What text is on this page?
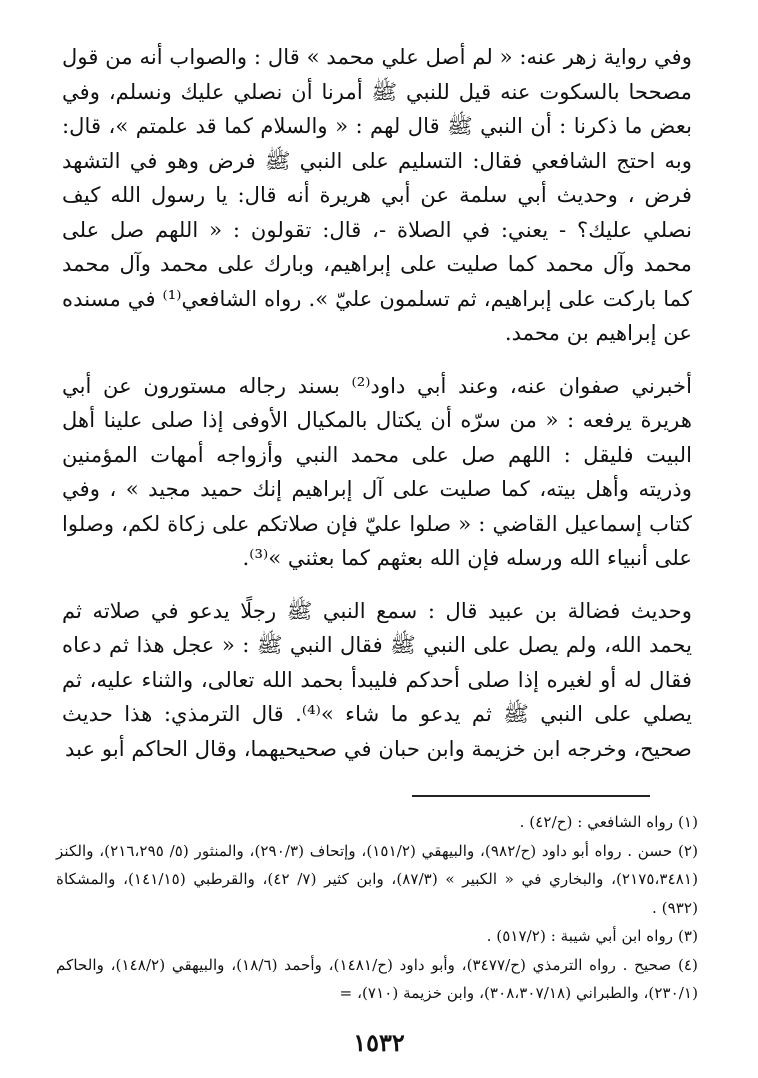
وفي رواية زهر عنه: « لم أصل علي محمد » قال : والصواب أنه من قول مصححا بالسكوت عنه قيل للنبي ﷺ أمرنا أن نصلي عليك ونسلم، وفي بعض ما ذكرنا : أن النبي ﷺ قال لهم : « والسلام كما قد علمتم »، قال: وبه احتج الشافعي فقال: التسليم على النبي ﷺ فرض وهو في التشهد فرض ، وحديث أبي سلمة عن أبي هريرة أنه قال: يا رسول الله كيف نصلي عليك؟ - يعني: في الصلاة -، قال: تقولون : « اللهم صل على محمد وآل محمد كما صليت على إبراهيم، وبارك على محمد وآل محمد كما باركت على إبراهيم، ثم تسلمون عليّ ». رواه الشافعي⁽¹⁾ في مسنده عن إبراهيم بن محمد.

أخبرني صفوان عنه، وعند أبي داود⁽²⁾ بسند رجاله مستورون عن أبي هريرة يرفعه : « من سرّه أن يكتال بالمكيال الأوفى إذا صلى علينا أهل البيت فليقل : اللهم صل على محمد النبي وأزواجه أمهات المؤمنين وذريته وأهل بيته، كما صليت على آل إبراهيم إنك حميد مجيد » ، وفي كتاب إسماعيل القاضي : « صلوا عليّ فإن صلاتكم على زكاة لكم، وصلوا على أنبياء الله ورسله فإن الله بعثهم كما بعثني »⁽³⁾.

وحديث فضالة بن عبيد قال : سمع النبي ﷺ رجلًا يدعو في صلاته ثم يحمد الله، ولم يصل على النبي ﷺ فقال النبي ﷺ : « عجل هذا ثم دعاه فقال له أو لغيره إذا صلى أحدكم فليبدأ بحمد الله تعالى، والثناء عليه، ثم يصلي على النبي ﷺ ثم يدعو ما شاء »⁽⁴⁾. قال الترمذي: هذا حديث صحيح، وخرجه ابن خزيمة وابن حبان في صحيحيهما، وقال الحاكم أبو عبد

(١) رواه الشافعي : (ح/٤٢) .

(٢) حسن . رواه أبو داود (ح/٩٨٢)، والبيهقي (١٥١/٢)، وإتحاف (٢٩٠/٣)، والمنثور (٥/ ٢١٦،٢٩٥)، والكنز (٢١٧٥،٣٤٨١)، والبخاري في « الكبير » (٨٧/٣)، وابن كثير (٧/ ٤٢)، والقرطبي (١٤١/١٥)، والمشكاة (٩٣٢) .

(٣) رواه ابن أبي شيبة : (٥١٧/٢) .

(٤) صحيح . رواه الترمذي (ح/٣٤٧٧)، وأبو داود (ح/١٤٨١)، وأحمد (١٨/٦)، والبيهقي (١٤٨/٢)، والحاكم (٢٣٠/١)، والطبراني (٣٠٨،٣٠٧/١٨)، وابن خزيمة (٧١٠)، =

١٥٣٢
